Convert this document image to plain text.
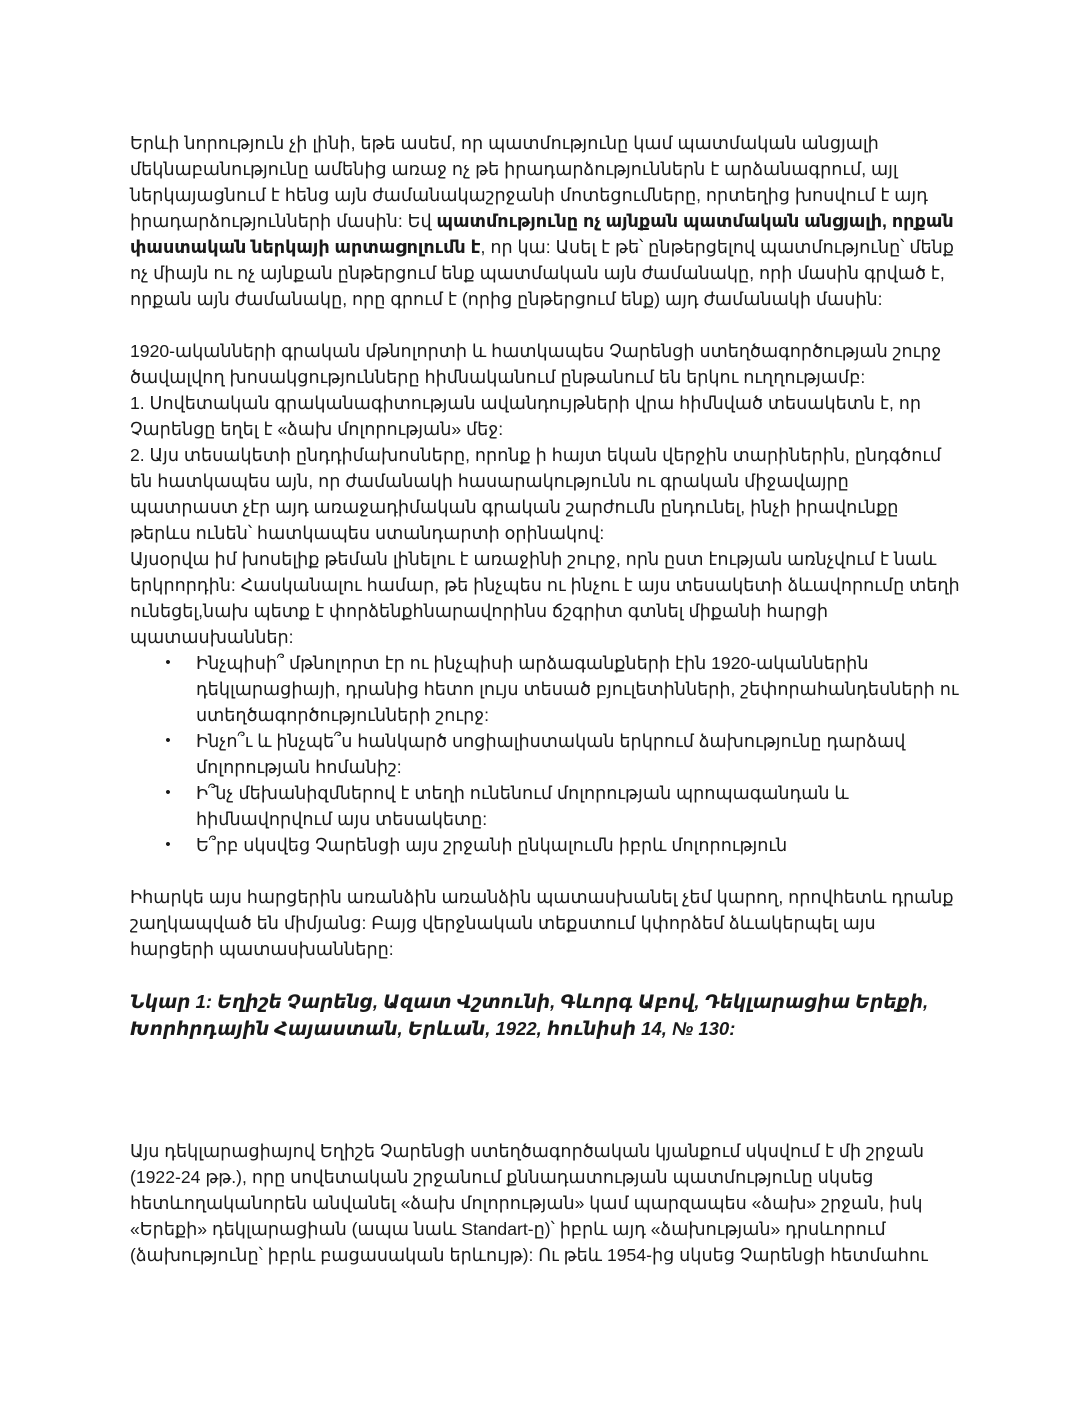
Երևի նորություն չի լինի, եթե ասեմ, որ պատմությունը կամ պատմական անցյալի մեկնաբանությունը ամենից առաջ ոչ թե իրադարձություններն է արձանագրում, այլ ներկայացնում է հենց այն ժամանակաշրջանի մոտեցումները, որտեղից խոսվում է այդ իրադարձությունների մասին: Եվ պատմությունը ոչ այնքան պատմական անցյալի, որքան փաստական ներկայի արտացոլումն է, որ կա: Ասել է թե՝ ընթերցելով պատմությունը՝ մենք ոչ միայն ու ոչ այնքան ընթերցում ենք պատմական այն ժամանակը, որի մասին գրված է, որքան այն ժամանակը, որը գրում է (որից ընթերցում ենք) այդ ժամանակի մասին:

1920-ականների գրական մթնոլորտի և հատկապես Չարենցի ստեղծագործության շուրջ ծավալվող խոսակցությունները հիմնականում ընթանում են երկու ուղղությամբ:

1. Սովետական գրականագիտության ավանդույթների վրա հիմնված տեսակետն է, որ Չարենցը եղել է «ձախ մոլորության» մեջ:

2. Այս տեսակետի ընդդիմախոսները, որոնք ի հայտ եկան վերջին տարիներին, ընդգծում են հատկապես այն, որ ժամանակի հասարակությունն ու գրական միջավայրը պատրաստ չէր այդ առաջադիմական գրական շարժումն ընդունել, ինչի իրավունքը թերևս ունեն՝ հատկապես ստանդարտի օրինակով:

Այսօրվա իմ խոսելիք թեման լինելու է առաջինի շուրջ, որն ըստ էության առնչվում է նաև երկրորդին: Հասկանալու համար, թե ինչպես ու ինչու է այս տեսակետի ձևավորումը տեղի ունեցել,նախ պետք է փորձենքհնարավորինս ճշգրիտ գտնել միքանի հարցի պատասխաններ:

•	Ինչպիսի՞ մթնոլորտ էր ու ինչպիսի արձագանքների էին 1920-ականներին դեկլարացիայի, դրանից հետո լույս տեսած բյուլետինների, շեփորահանդեսների ու ստեղծագործությունների շուրջ:
•	Ինչո՞ւ և ինչպե՞ս հանկարծ սոցիալիստական երկրում ձախությունը դարձավ մոլորության հոմանիշ:
•	Ի՞նչ մեխանիզմներով է տեղի ունենում մոլորության պրոպագանդան և հիմնավորվում այս տեսակետը:
•	Ե՞րբ սկսվեց Չարենցի այս շրջանի ընկալումն իբրև մոլորություն

Իհարկե այս հարցերին առանձին առանձին պատասխանել չեմ կարող, որովհետև դրանք շաղկապված են միմյանց: Բայց վերջնական տեքստում կփորձեմ ձևակերպել այս հարցերի պատասխանները:

Նկար 1: Եղիշե Չարենց, Ազատ Վշտունի, Գևորգ Աբով, Դեկլարացիա Երեքի, Խորհրդային Հայաստան, Երևան, 1922, հունիսի 14, № 130:

Այս դեկլարացիայով Եղիշե Չարենցի ստեղծագործական կյանքում սկսվում է մի շրջան (1922-24 թթ.), որը սովետական շրջանում քննադատության պատմությունը սկսեց հետևողականորեն անվանել «ձախ մոլորության» կամ պարզապես «ձախ» շրջան, իսկ «Երեքի» դեկլարացիան (ապա նաև Standart-ը)՝ իբրև այդ «ձախության» դրսևորում (ձախությունը՝ իբրև բացասական երևույթ): Ու թեև 1954-ից սկսեց Չարենցի հետմահու
